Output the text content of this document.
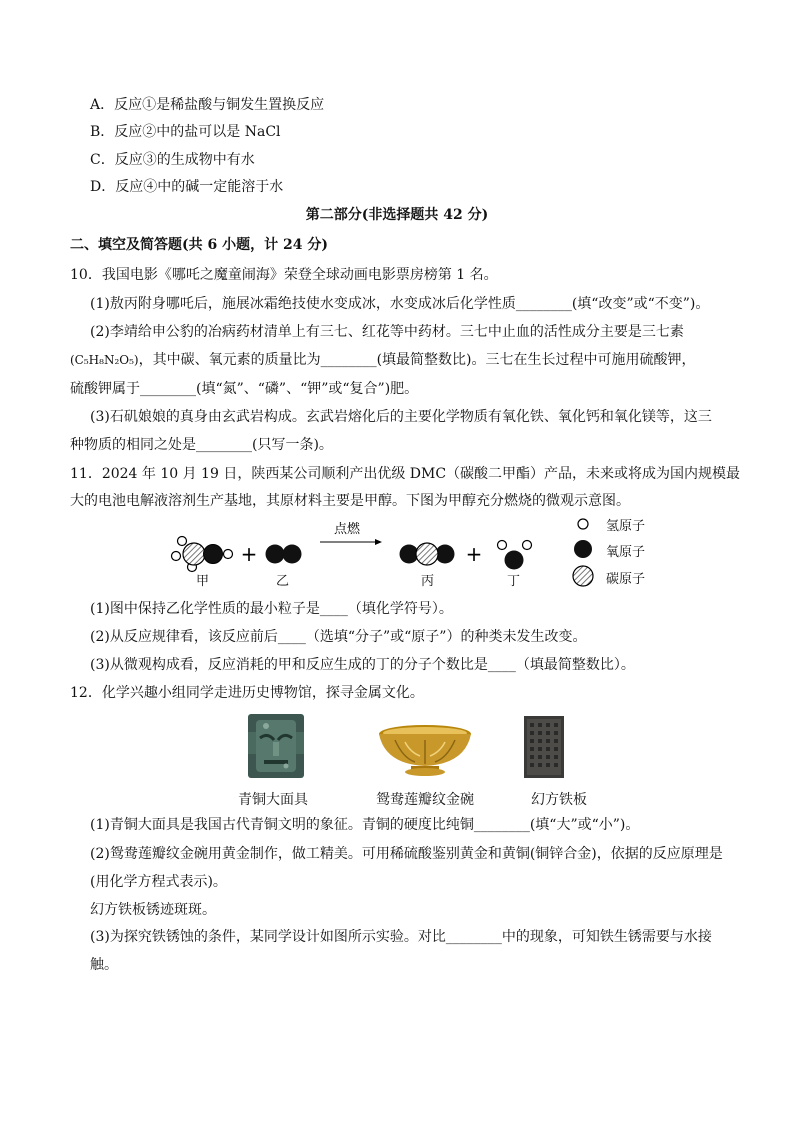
A．反应①是稀盐酸与铜发生置换反应
B．反应②中的盐可以是 NaCl
C．反应③的生成物中有水
D．反应④中的碱一定能溶于水
第二部分(非选择题共 42 分)
二、填空及简答题(共 6 小题，计 24 分)
10．我国电影《哪吒之魔童闹海》荣登全球动画电影票房榜第 1 名。
(1)敖丙附身哪吒后，施展冰霜绝技使水变成冰，水变成冰后化学性质________(填“改变”或“不变”)。
(2)李靖给申公豹的冶病药材清单上有三七、红花等中药材。三七中止血的活性成分主要是三七素
(C₅H₈N₂O₅)，其中碳、氧元素的质量比为________(填最简整数比)。三七在生长过程中可施用硫酸钾，
硫酸钾属于________(填“氮”、“磷”、“钾”或“复合”)肥。
(3)石矶娘娘的真身由玄武岩构成。玄武岩熔化后的主要化学物质有氧化铁、氧化钙和氧化镁等，这三
种物质的相同之处是________(只写一条)。
11．2024 年 10 月 19 日，陕西某公司顺利产出优级 DMC（碳酸二甲酯）产品，未来或将成为国内规模最
大的电池电解液溶剂生产基地，其原材料主要是甲醇。下图为甲醇充分燃烧的微观示意图。
+
点燃
+
甲	乙	丙	丁
氢原子
氧原子
碳原子
(1)图中保持乙化学性质的最小粒子是____（填化学符号）。
(2)从反应规律看，该反应前后____（选填“分子”或“原子”）的种类未发生改变。
(3)从微观构成看，反应消耗的甲和反应生成的丁的分子个数比是____（填最简整数比）。
12．化学兴趣小组同学走进历史博物馆，探寻金属文化。
青铜大面具	鸳鸯莲瓣纹金碗	幻方铁板
(1)青铜大面具是我国古代青铜文明的象征。青铜的硬度比纯铜________(填“大”或“小”)。
(2)鸳鸯莲瓣纹金碗用黄金制作，做工精美。可用稀硫酸鉴别黄金和黄铜(铜锌合金)，依据的反应原理是
(用化学方程式表示)。
幻方铁板锈迹斑斑。
(3)为探究铁锈蚀的条件，某同学设计如图所示实验。对比________中的现象，可知铁生锈需要与水接
触。
